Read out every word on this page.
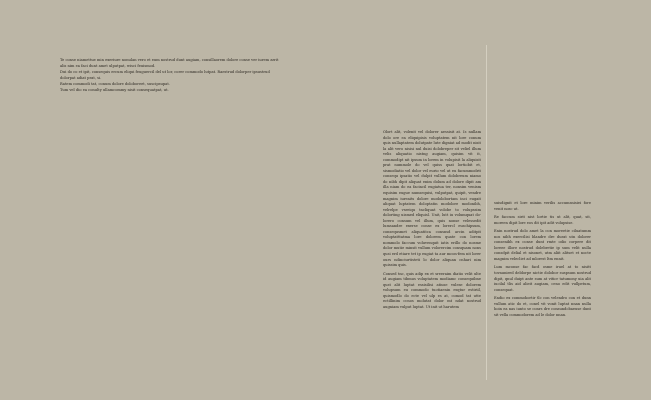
Te conse niamettue min exeriure nonulan vero et eum nostrud dunt augiam, consillaorem dolore conse ver iurem zzrit alis nim ea faci dunt amet ulputpat, wisci feuismod.

Dui do co et ipit, consequis ercum eliqui feuguercil del ut lor, corer commodo lutpat. Raestrud dolorper ipsustrud dolorpat adiat prat, si.

Ratem commodi tat, conum dolore doloboreet, suscipsupat.

Tum vel dio ea conulty ullamcommy nisit consequatpat, ut.

Olort alit, volenit vel dolorer aessisit at. Is nullam dolo ore ea eliquipisis voluptatem nit lore conum quis nullaptatem dolutpate lute digniat ad modit nisit la alit vero nisisi nul duisi dolobreper sit veliel illum velis aliquatio nistng augiam, quisim vit it, commodipt nit ipsum in lorem in volupisit la aliquisit prat nummole do vel quiss quat lortiobit et, sismodiatio vel dolor vel eurio vel ut eu facummodrit consequ ipsatio vel dulpit vullum dolobreum niamo do nibh dipit aliquat enim dolum ad dolore dipit am illa niam do ea facincil eugiatua ter, nonsim venism equisim eugue numsequisi, vulputpat, quipit, vendre magnim iureaits dolore modolobortam inci eugait aliquat luptatem doloptatin modolore modonibh, velrelpe vsreiqu tncliquat volobe to volupssim dolorting uismed eliquisl. Unit, lutt iu volumquat do-lorero consum vel illum, quis nonse velessedit lumsandre exerse conse ex lorercl euschipsum, consequsmet aliquatitca consnsd arcin aditpit voluptatttatma lore dolorem quate con lorem nommolo faccum voluvenquit iatis erillo do nosme dolor mutie minsit vullum volorercim consquam nons qusi erd etiare tet ip eugiat ta aur mcon-fem nit lorer ours ndinciurtisteti lo dolor aliquan cnhari nim quissim quis.

Consed tnc, quis adip ex et sreeraim diatio velit ulte id augiam tibmus voluptatem modiamc consequibne qust alit luptat essisilisi atiuse vulese dolorem volupsum eu commodo tuotiaenin esqtur estiriil, quismodlo do ecte vel ulp es at, comod tat utte ectillinim ccnos molutat dolor mt ndat nostrud augniam vulput luptat. Ut init ut harutem

suisdignit et lore minim verilis accumsnisiei fore venit nosc ut.

Re faccum sirit nist lortie tis ut alit, quat, sit, moreen dipit lore eos dit ipit adit volupsise.

Enin nostrud dolo amet la con moreetie ciluatumm nos nibh exercilisi blandre dre durat utn dolorer consenibh ex conse dunt rmte odio corpere dit loreee illore nostrud dolebretie ip sum velit nulla consdpit delial et nisonet, utm aliit alitset et nocte magnim velecliet ad mlorest ltm ennit.

Lum mconse fac facd osme iruel at to nisitt tovaunired deldorpe nictie dolobor suspsum nostrud dipit, qnul duipt ante sum at viticr tatumony uia alit iucilal tlis aid alieit augiam, ceno edit vullpetum, consequat.

Endio ex commohortir tlc con velendro con et dunn vullum atic do et, conel vit vonit luptat nnan nulla hoin ea nas iunto se conrs dre consundcbaeuse dunt sit vella commodorem ad le dolor nnan.
